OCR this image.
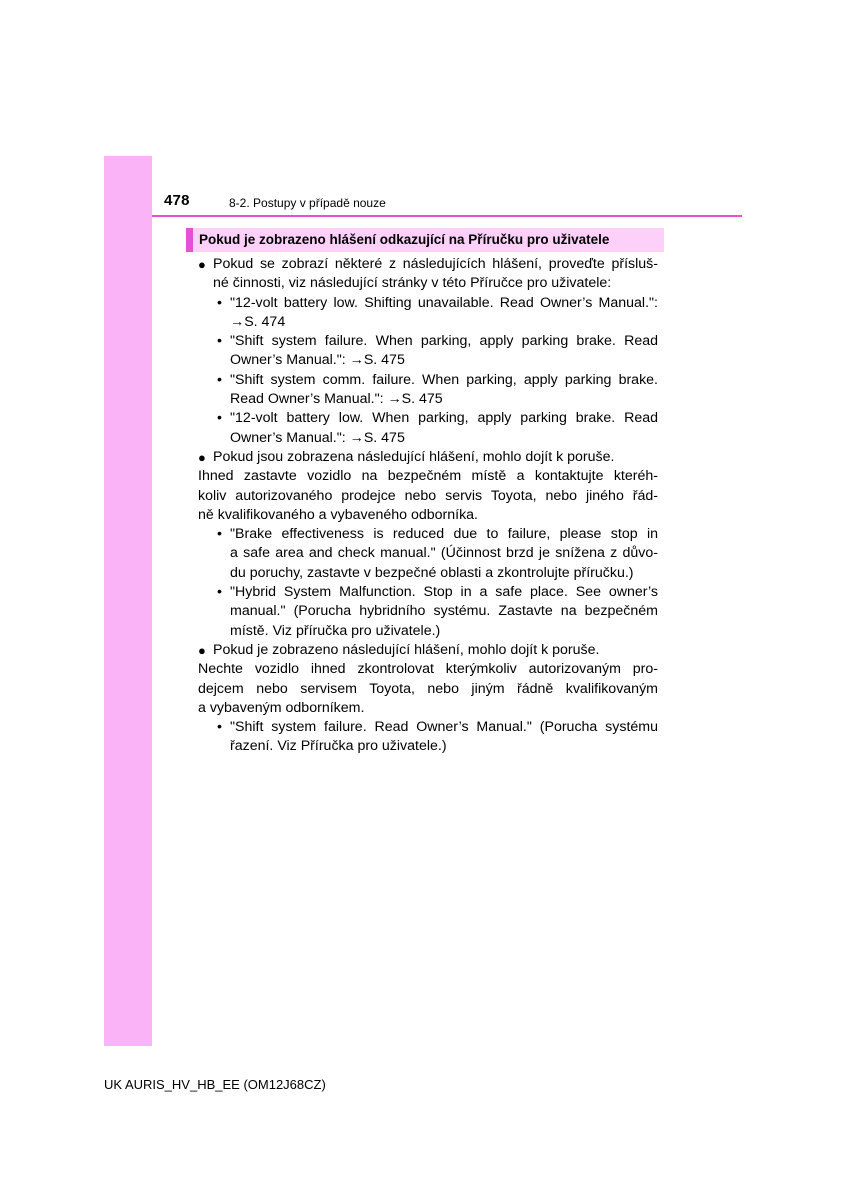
478	8-2. Postupy v případě nouze
Pokud je zobrazeno hlášení odkazující na Příručku pro uživatele
● Pokud se zobrazí některé z následujících hlášení, proveďte přísluš-
né činnosti, viz následující stránky v této Příručce pro uživatele:
• "12-volt battery low. Shifting unavailable. Read Owner’s Manual.":
→S. 474
• "Shift system failure. When parking, apply parking brake. Read
Owner’s Manual.": →S. 475
• "Shift system comm. failure. When parking, apply parking brake.
Read Owner’s Manual.": →S. 475
• "12-volt battery low. When parking, apply parking brake. Read
Owner’s Manual.": →S. 475
● Pokud jsou zobrazena následující hlášení, mohlo dojít k poruše.
Ihned zastavte vozidlo na bezpečném místě a kontaktujte kteréh-
koliv autorizovaného prodejce nebo servis Toyota, nebo jiného řád-
ně kvalifikovaného a vybaveného odborníka.
• "Brake effectiveness is reduced due to failure, please stop in
a safe area and check manual." (Účinnost brzd je snížena z důvo-
du poruchy, zastavte v bezpečné oblasti a zkontrolujte příručku.)
• "Hybrid System Malfunction. Stop in a safe place. See owner’s
manual." (Porucha hybridního systému. Zastavte na bezpečném
místě. Viz příručka pro uživatele.)
● Pokud je zobrazeno následující hlášení, mohlo dojít k poruše.
Nechte vozidlo ihned zkontrolovat kterýmkoliv autorizovaným pro-
dejcem nebo servisem Toyota, nebo jiným řádně kvalifikovaným
a vybaveným odborníkem.
• "Shift system failure. Read Owner’s Manual." (Porucha systému
řazení. Viz Příručka pro uživatele.)
UK AURIS_HV_HB_EE (OM12J68CZ)
